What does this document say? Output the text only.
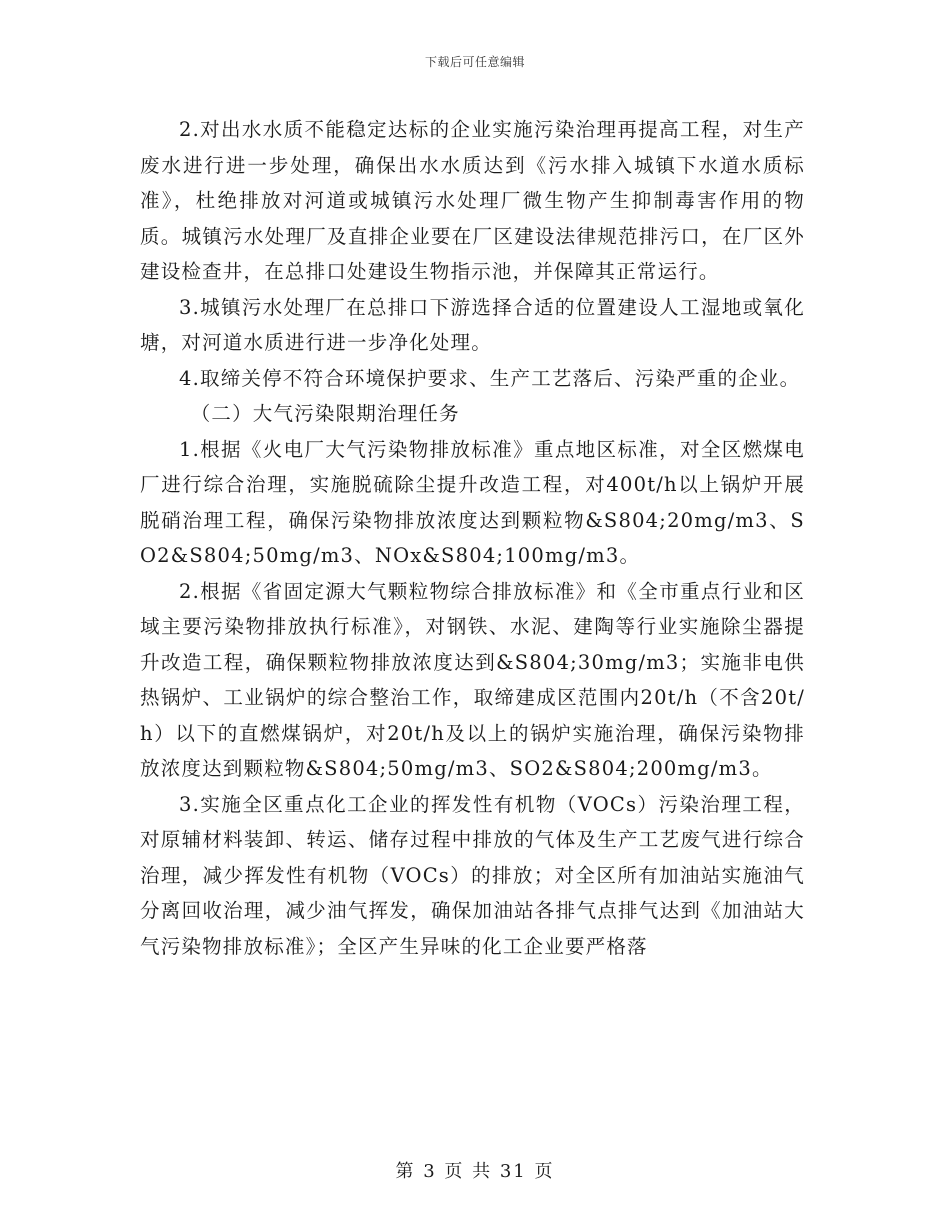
下载后可任意编辑

2.对出水水质不能稳定达标的企业实施污染治理再提高工程，对生产废水进行进一步处理，确保出水水质达到《污水排入城镇下水道水质标准》，杜绝排放对河道或城镇污水处理厂微生物产生抑制毒害作用的物质。城镇污水处理厂及直排企业要在厂区建设法律规范排污口，在厂区外建设检查井，在总排口处建设生物指示池，并保障其正常运行。

3.城镇污水处理厂在总排口下游选择合适的位置建设人工湿地或氧化塘，对河道水质进行进一步净化处理。

4.取缔关停不符合环境保护要求、生产工艺落后、污染严重的企业。

（二）大气污染限期治理任务

1.根据《火电厂大气污染物排放标准》重点地区标准，对全区燃煤电厂进行综合治理，实施脱硫除尘提升改造工程，对400t/h以上锅炉开展脱硝治理工程，确保污染物排放浓度达到颗粒物&S804;20mg/m3、SO2&S804;50mg/m3、NOx&S804;100mg/m3。

2.根据《省固定源大气颗粒物综合排放标准》和《全市重点行业和区域主要污染物排放执行标准》，对钢铁、水泥、建陶等行业实施除尘器提升改造工程，确保颗粒物排放浓度达到&S804;30mg/m3；实施非电供热锅炉、工业锅炉的综合整治工作，取缔建成区范围内20t/h（不含20t/h）以下的直燃煤锅炉，对20t/h及以上的锅炉实施治理，确保污染物排放浓度达到颗粒物&S804;50mg/m3、SO2&S804;200mg/m3。

3.实施全区重点化工企业的挥发性有机物（VOCs）污染治理工程，对原辅材料装卸、转运、储存过程中排放的气体及生产工艺废气进行综合治理，减少挥发性有机物（VOCs）的排放；对全区所有加油站实施油气分离回收治理，减少油气挥发，确保加油站各排气点排气达到《加油站大气污染物排放标准》；全区产生异味的化工企业要严格落

第 3 页 共 31 页
